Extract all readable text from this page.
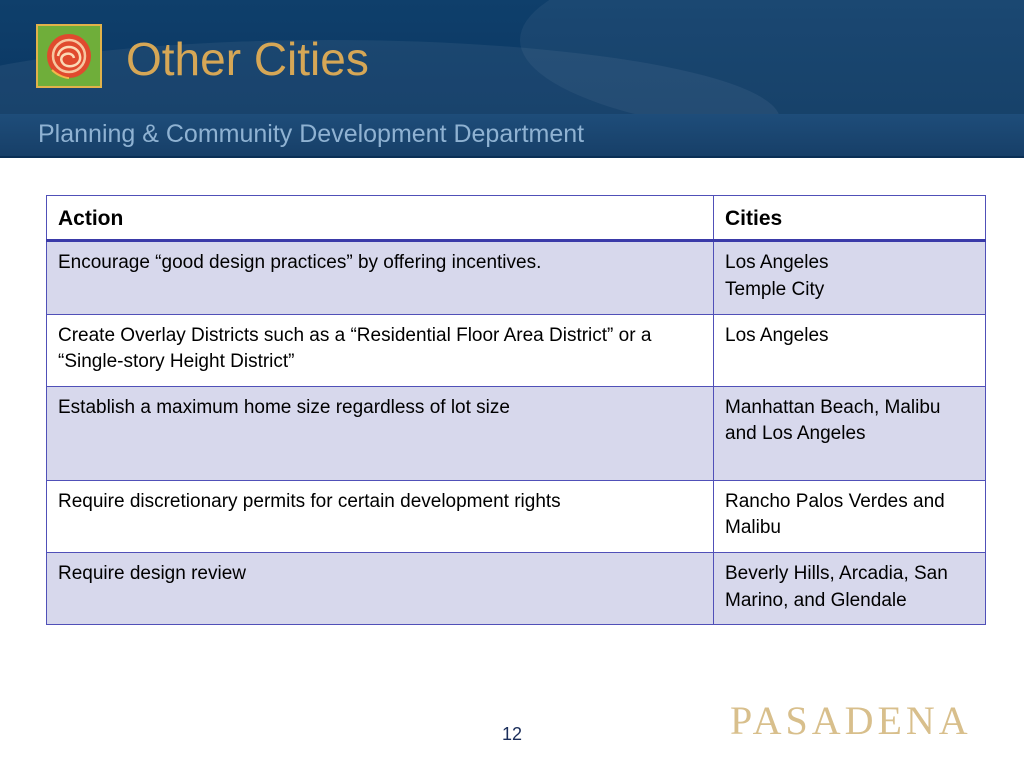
Other Cities
Planning & Community Development Department
Action	Cities
Encourage “good design practices” by offering incentives.	Los Angeles
Temple City

Create Overlay Districts such as a “Residential Floor Area District” or a “Single-story Height District”	Los Angeles

Establish a maximum home size regardless of lot size	Manhattan Beach, Malibu and Los Angeles

Require discretionary permits for certain development rights	Rancho Palos Verdes and Malibu

Require design review	Beverly Hills, Arcadia, San Marino, and Glendale
12	PASADENA
